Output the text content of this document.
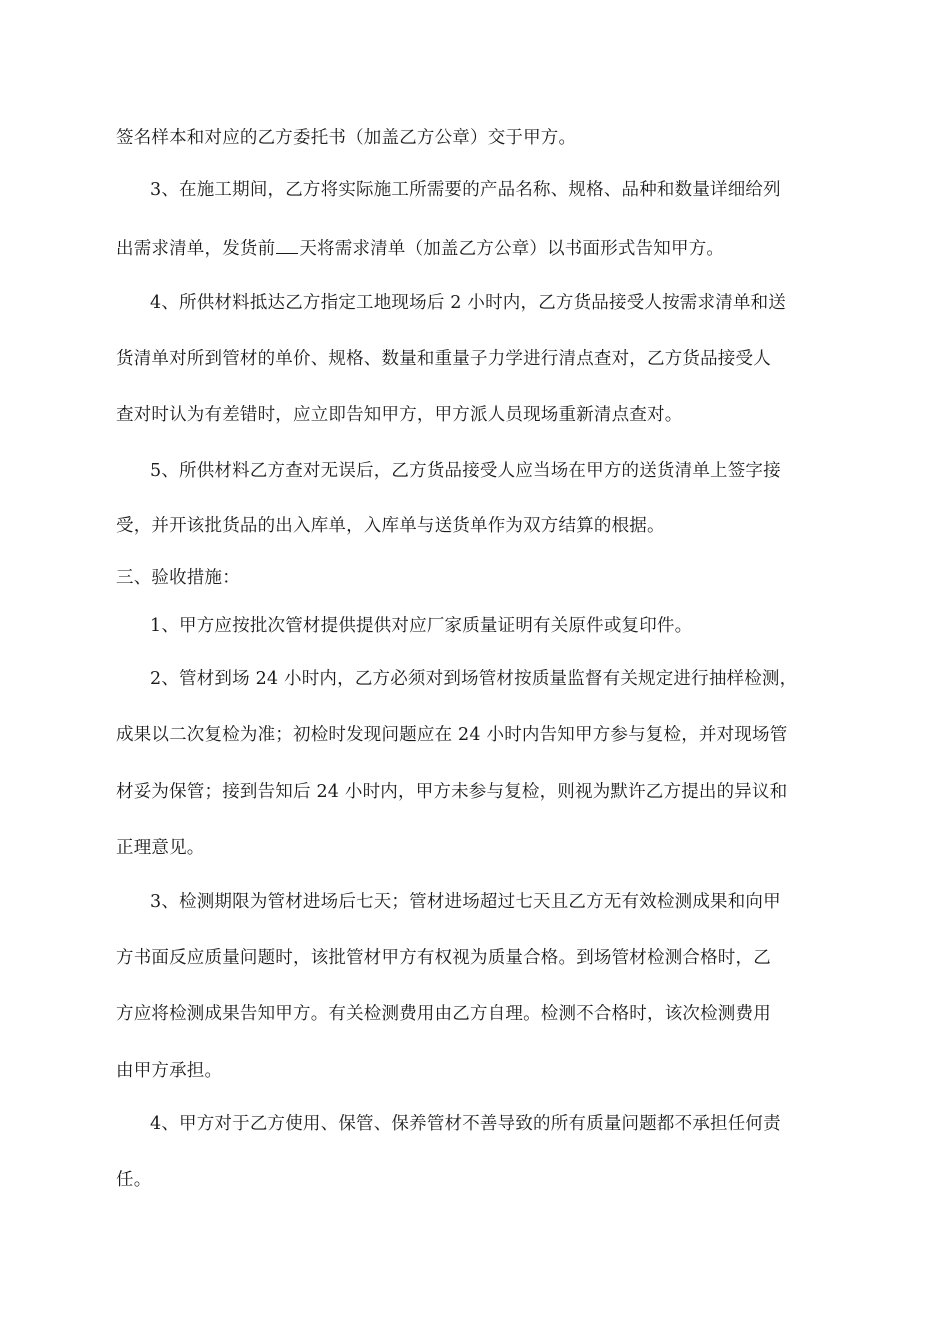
签名样本和对应的乙方委托书（加盖乙方公章）交于甲方。
3、在施工期间，乙方将实际施工所需要的产品名称、规格、品种和数量详细给列
出需求清单，发货前 天将需求清单（加盖乙方公章）以书面形式告知甲方。
4、所供材料抵达乙方指定工地现场后 2 小时内，乙方货品接受人按需求清单和送
货清单对所到管材的单价、规格、数量和重量子力学进行清点查对，乙方货品接受人
查对时认为有差错时，应立即告知甲方，甲方派人员现场重新清点查对。
5、所供材料乙方查对无误后，乙方货品接受人应当场在甲方的送货清单上签字接
受，并开该批货品的出入库单，入库单与送货单作为双方结算的根据。
三、验收措施：
1、甲方应按批次管材提供提供对应厂家质量证明有关原件或复印件。
2、管材到场 24 小时内，乙方必须对到场管材按质量监督有关规定进行抽样检测，
成果以二次复检为准；初检时发现问题应在 24 小时内告知甲方参与复检，并对现场管
材妥为保管；接到告知后 24 小时内，甲方未参与复检，则视为默许乙方提出的异议和
正理意见。
3、检测期限为管材进场后七天；管材进场超过七天且乙方无有效检测成果和向甲
方书面反应质量问题时，该批管材甲方有权视为质量合格。到场管材检测合格时，乙
方应将检测成果告知甲方。有关检测费用由乙方自理。检测不合格时，该次检测费用
由甲方承担。
4、甲方对于乙方使用、保管、保养管材不善导致的所有质量问题都不承担任何责
任。
